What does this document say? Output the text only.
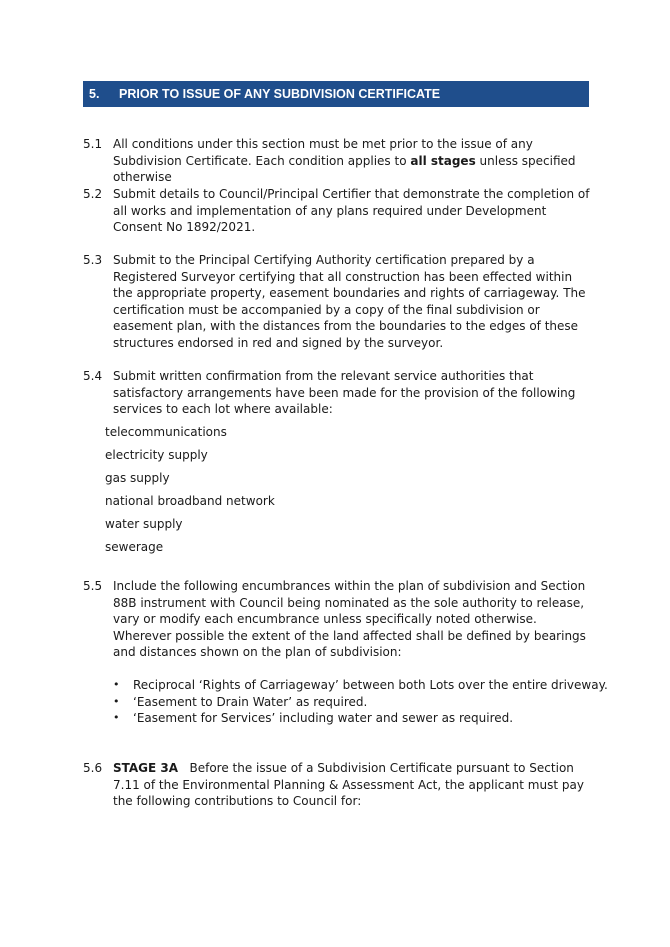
5. PRIOR TO ISSUE OF ANY SUBDIVISION CERTIFICATE
5.1 All conditions under this section must be met prior to the issue of any Subdivision Certificate. Each condition applies to all stages unless specified otherwise
5.2 Submit details to Council/Principal Certifier that demonstrate the completion of all works and implementation of any plans required under Development Consent No 1892/2021.
5.3 Submit to the Principal Certifying Authority certification prepared by a Registered Surveyor certifying that all construction has been effected within the appropriate property, easement boundaries and rights of carriageway. The certification must be accompanied by a copy of the final subdivision or easement plan, with the distances from the boundaries to the edges of these structures endorsed in red and signed by the surveyor.
5.4 Submit written confirmation from the relevant service authorities that satisfactory arrangements have been made for the provision of the following services to each lot where available:
telecommunications
electricity supply
gas supply
national broadband network
water supply
sewerage
5.5 Include the following encumbrances within the plan of subdivision and Section 88B instrument with Council being nominated as the sole authority to release, vary or modify each encumbrance unless specifically noted otherwise. Wherever possible the extent of the land affected shall be defined by bearings and distances shown on the plan of subdivision:
•	Reciprocal ‘Rights of Carriageway’ between both Lots over the entire driveway.
•	‘Easement to Drain Water’ as required.
•	‘Easement for Services’ including water and sewer as required.
5.6 STAGE 3A   Before the issue of a Subdivision Certificate pursuant to Section 7.11 of the Environmental Planning & Assessment Act, the applicant must pay the following contributions to Council for:
